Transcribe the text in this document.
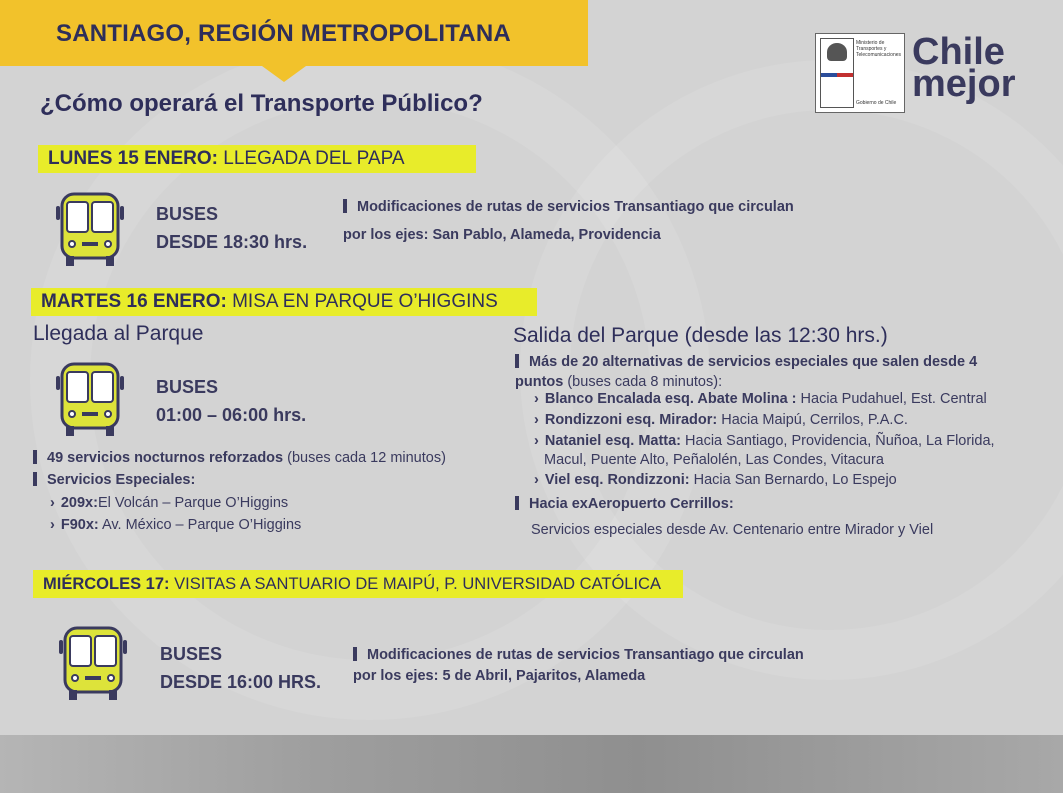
SANTIAGO, REGIÓN METROPOLITANA
¿Cómo operará el Transporte Público?
Ministerio de
Transportes y
Telecomunicaciones
Gobierno de Chile
Chile
mejor
LUNES 15 ENERO: LLEGADA DEL PAPA
BUSES
DESDE 18:30 hrs.
Modificaciones de rutas de servicios Transantiago que circulan
por los ejes: San Pablo, Alameda, Providencia
MARTES 16 ENERO: MISA EN PARQUE O’HIGGINS
Llegada al Parque
BUSES
01:00 – 06:00 hrs.
49 servicios nocturnos reforzados (buses cada 12 minutos)
Servicios Especiales:
› 209x:El Volcán – Parque O’Higgins
› F90x: Av. México – Parque O’Higgins
Salida del Parque (desde las 12:30 hrs.)
Más de 20 alternativas de servicios especiales que salen desde 4
puntos (buses cada 8 minutos):
› Blanco Encalada esq. Abate Molina : Hacia Pudahuel, Est. Central
› Rondizzoni esq. Mirador: Hacia Maipú, Cerrilos, P.A.C.
› Nataniel esq. Matta: Hacia Santiago, Providencia, Ñuñoa, La Florida,
Macul, Puente Alto, Peñalolén, Las Condes, Vitacura
› Viel esq. Rondizzoni: Hacia San Bernardo, Lo Espejo
Hacia exAeropuerto Cerrillos:
Servicios especiales desde Av. Centenario entre Mirador y Viel
MIÉRCOLES 17: VISITAS A SANTUARIO DE MAIPÚ, P. UNIVERSIDAD CATÓLICA
BUSES
DESDE 16:00 HRS.
Modificaciones de rutas de servicios Transantiago que circulan
por los ejes: 5 de Abril, Pajaritos, Alameda
